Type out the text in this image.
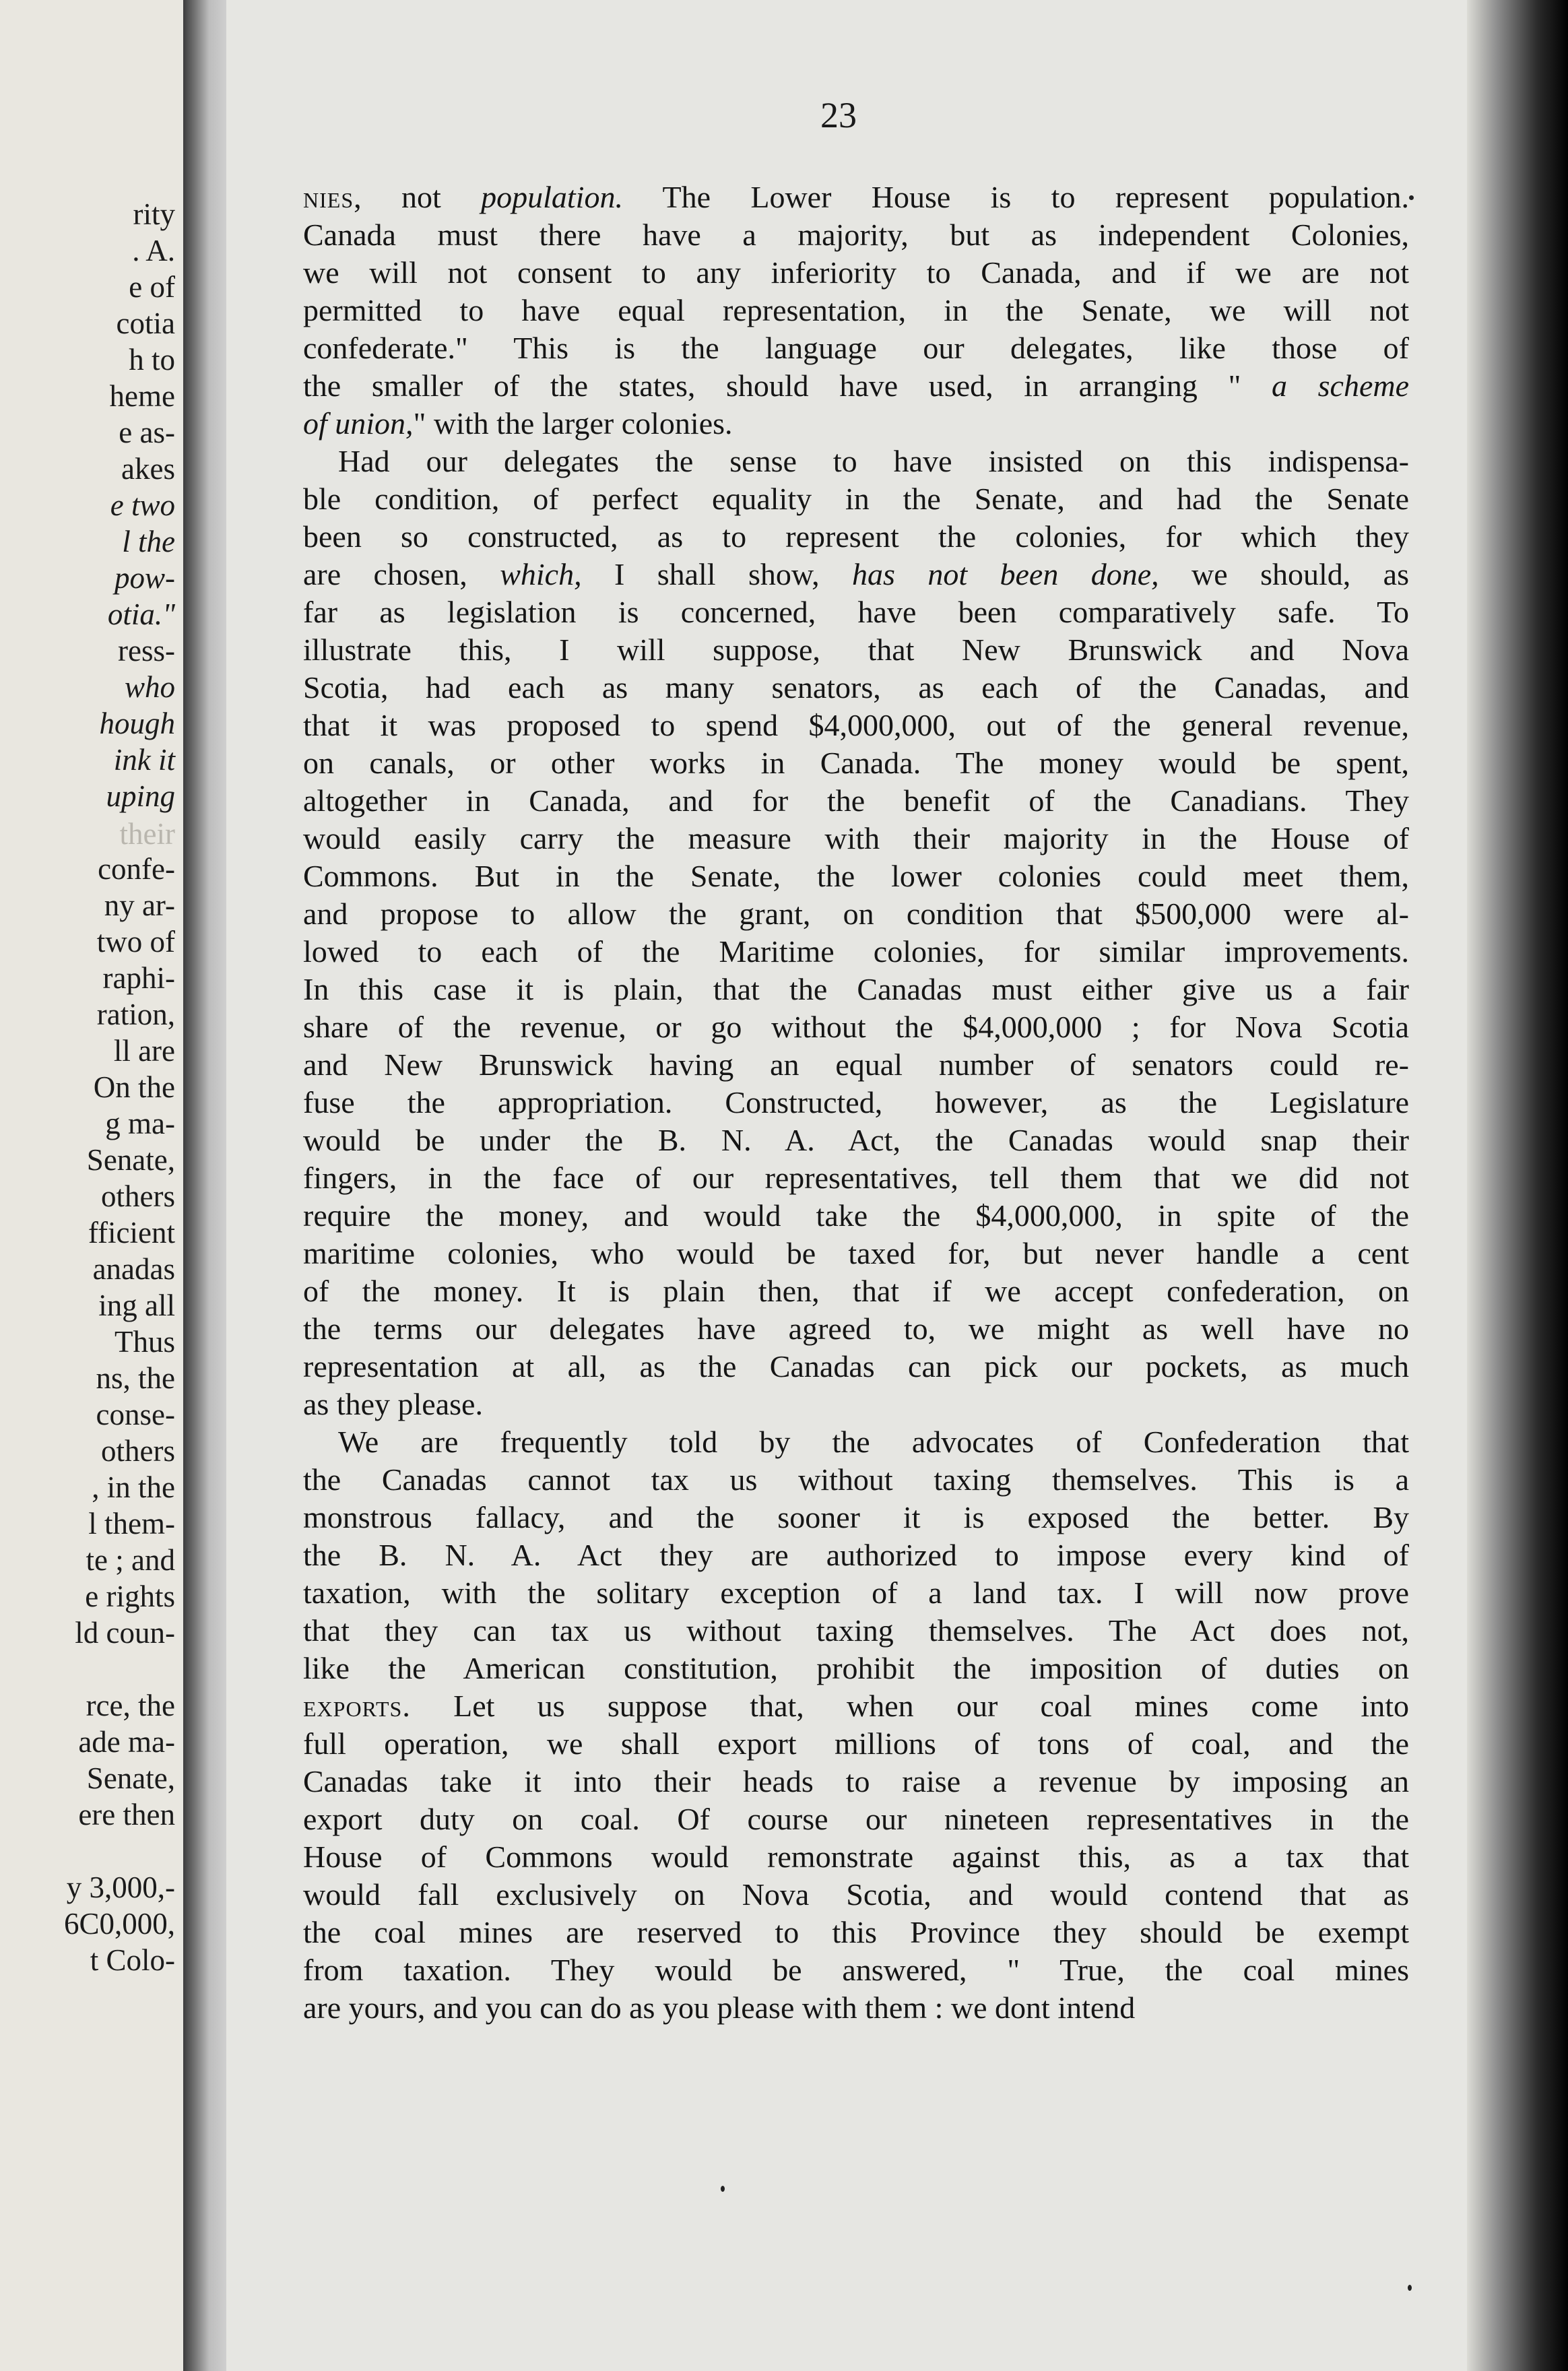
rity
. A.
e of
cotia
h to
heme
e as-
akes
e two
l the
pow-
otia."
ress-
who
hough
ink it
uping
their
confe-
ny ar-
two of
raphi-
ration,
ll are
On the
g ma-
Senate,
others
fficient
anadas
ing all
Thus
ns, the
conse-
others
, in the
l them-
te ; and
e rights
ld coun-
rce, the
ade ma-
Senate,
ere then
y 3,000,-
6C0,000,
t Colo-
23

nies, not population. The Lower House is to represent population.
Canada must there have a majority, but as independent Colonies,
we will not consent to any inferiority to Canada, and if we are not
permitted to have equal representation, in the Senate, we will not
confederate." This is the language our delegates, like those of
the smaller of the states, should have used, in arranging " a scheme
of union," with the larger colonies.

Had our delegates the sense to have insisted on this indispensa-
ble condition, of perfect equality in the Senate, and had the Senate
been so constructed, as to represent the colonies, for which they
are chosen, which, I shall show, has not been done, we should, as
far as legislation is concerned, have been comparatively safe. To
illustrate this, I will suppose, that New Brunswick and Nova
Scotia, had each as many senators, as each of the Canadas, and
that it was proposed to spend $4,000,000, out of the general revenue,
on canals, or other works in Canada. The money would be spent,
altogether in Canada, and for the benefit of the Canadians. They
would easily carry the measure with their majority in the House of
Commons. But in the Senate, the lower colonies could meet them,
and propose to allow the grant, on condition that $500,000 were al-
lowed to each of the Maritime colonies, for similar improvements.
In this case it is plain, that the Canadas must either give us a fair
share of the revenue, or go without the $4,000,000 ; for Nova Scotia
and New Brunswick having an equal number of senators could re-
fuse the appropriation. Constructed, however, as the Legislature
would be under the B. N. A. Act, the Canadas would snap their
fingers, in the face of our representatives, tell them that we did not
require the money, and would take the $4,000,000, in spite of the
maritime colonies, who would be taxed for, but never handle a cent
of the money. It is plain then, that if we accept confederation, on
the terms our delegates have agreed to, we might as well have no
representation at all, as the Canadas can pick our pockets, as much
as they please.

We are frequently told by the advocates of Confederation that
the Canadas cannot tax us without taxing themselves. This is a
monstrous fallacy, and the sooner it is exposed the better. By
the B. N. A. Act they are authorized to impose every kind of
taxation, with the solitary exception of a land tax. I will now prove
that they can tax us without taxing themselves. The Act does not,
like the American constitution, prohibit the imposition of duties on
exports. Let us suppose that, when our coal mines come into
full operation, we shall export millions of tons of coal, and the
Canadas take it into their heads to raise a revenue by imposing an
export duty on coal. Of course our nineteen representatives in the
House of Commons would remonstrate against this, as a tax that
would fall exclusively on Nova Scotia, and would contend that as
the coal mines are reserved to this Province they should be exempt
from taxation. They would be answered, " True, the coal mines
are yours, and you can do as you please with them : we dont intend
